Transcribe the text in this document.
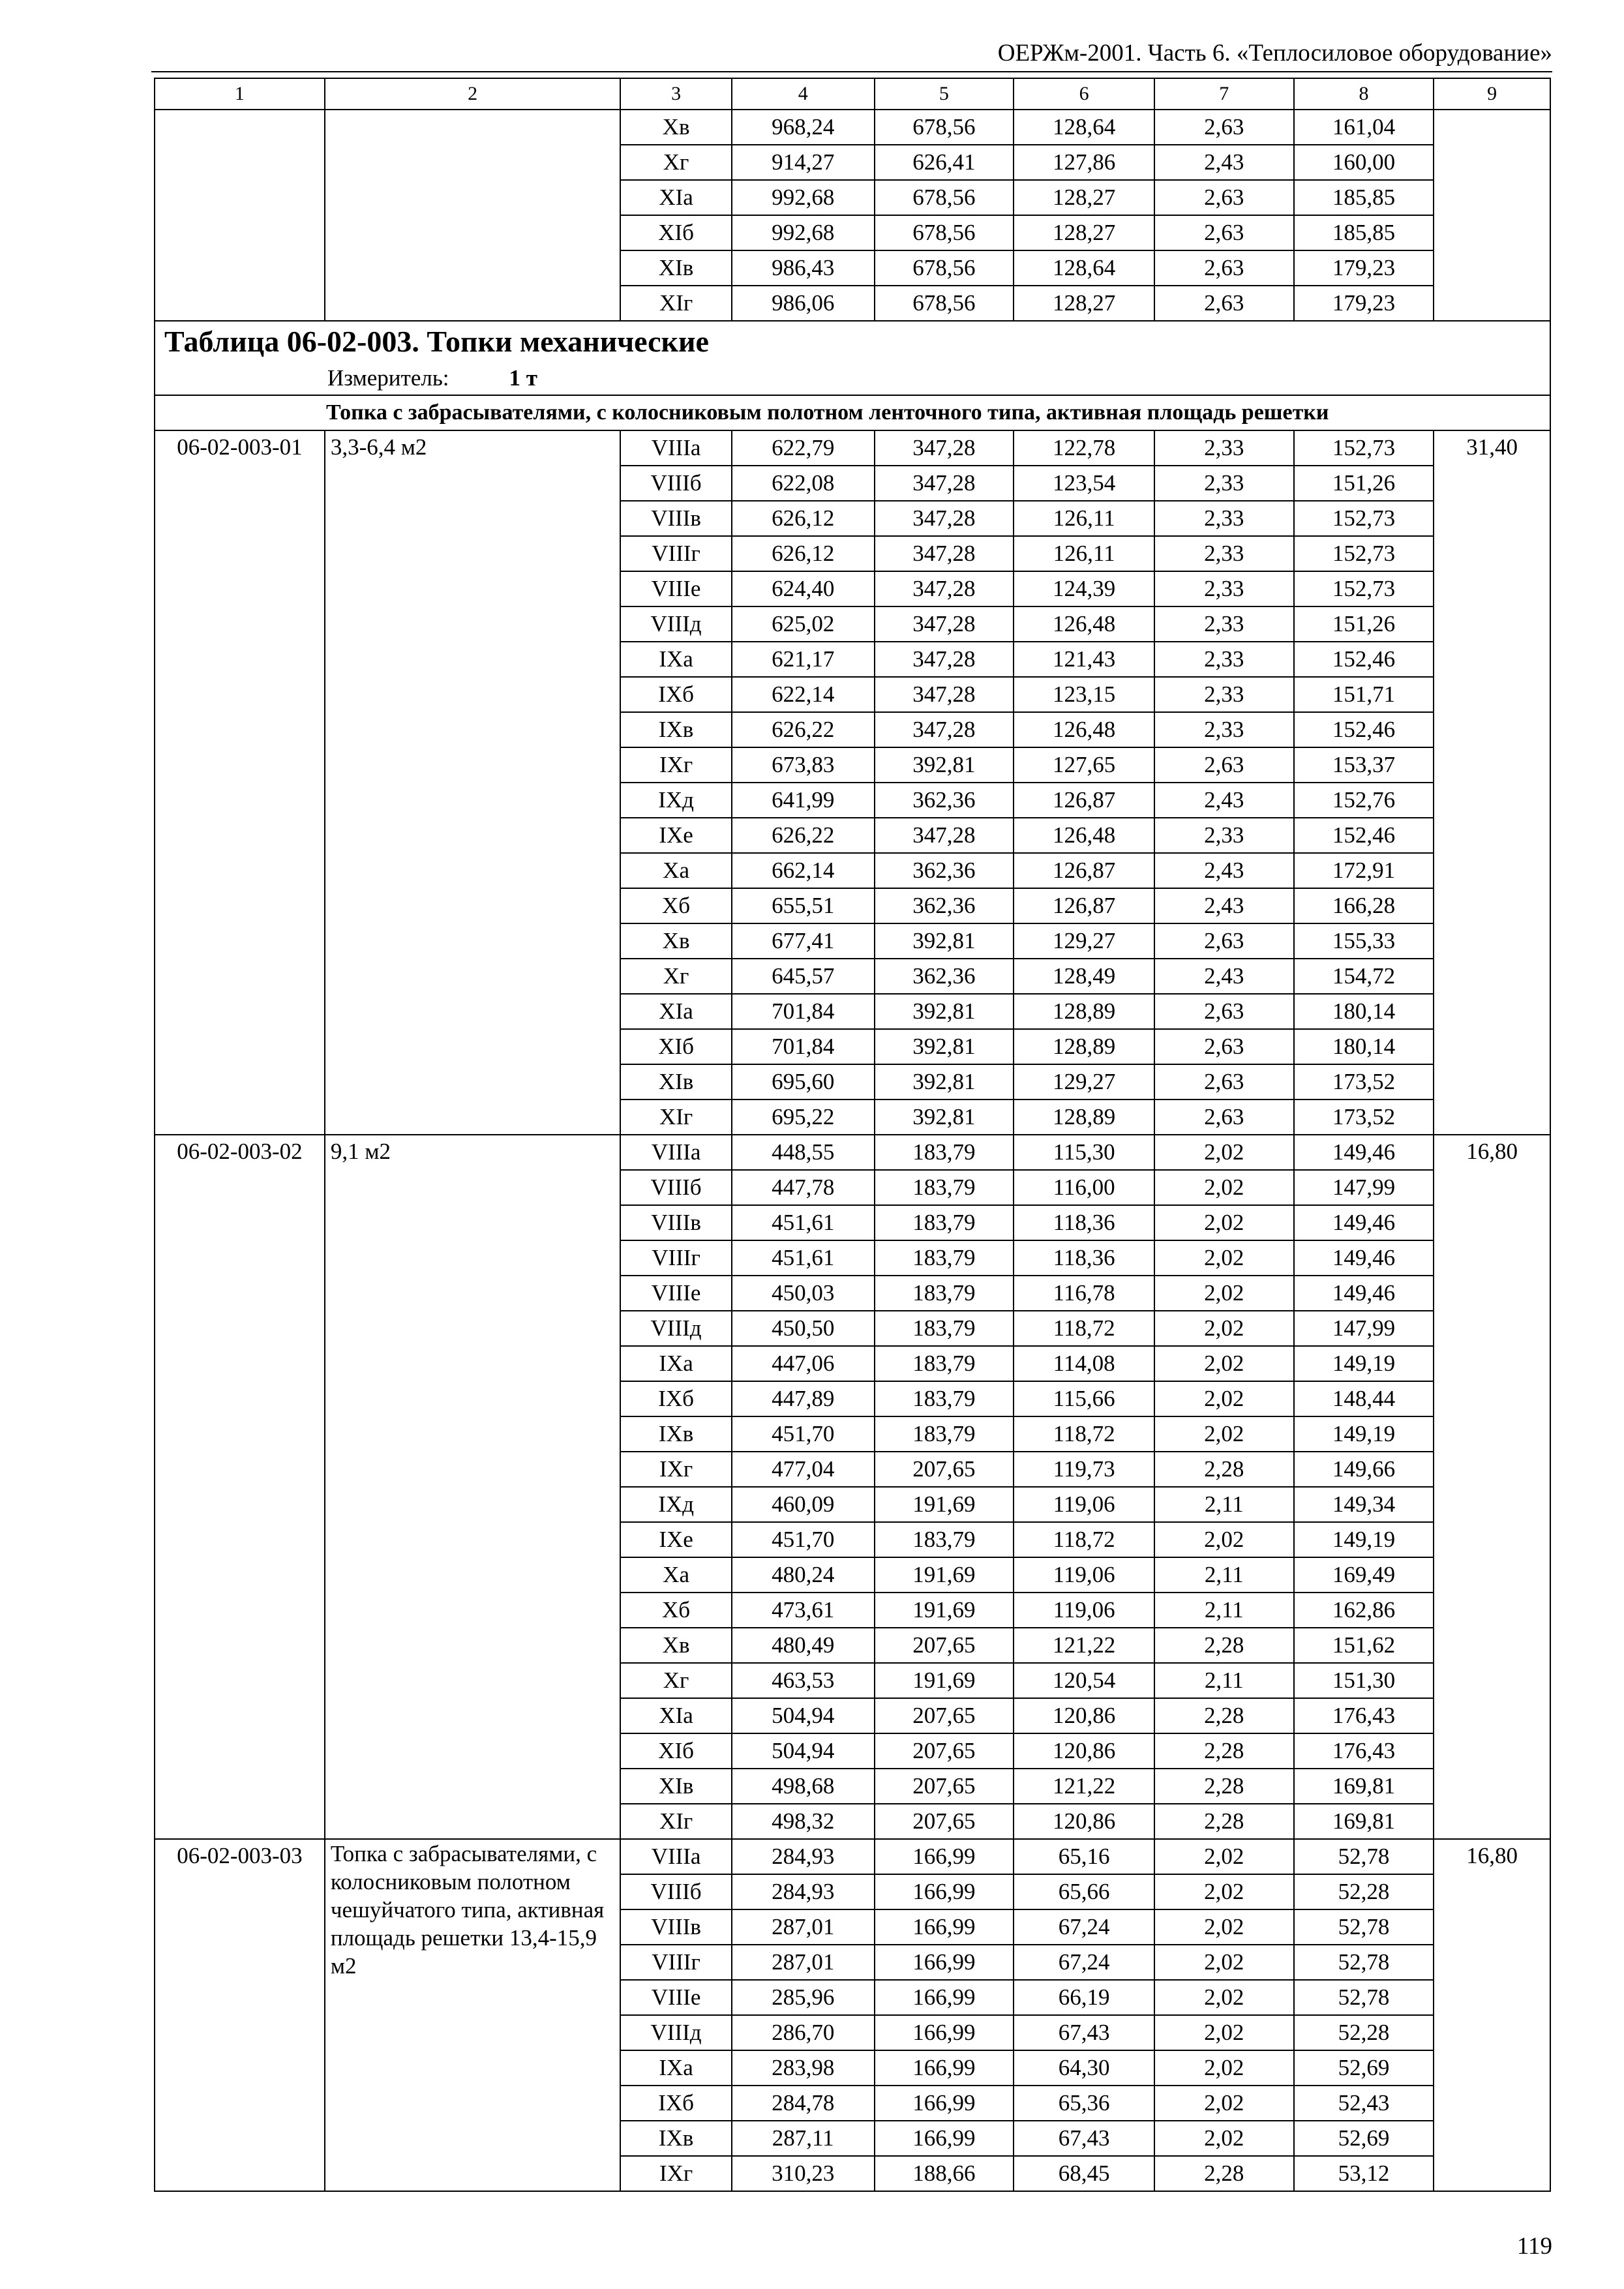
ОЕРЖм-2001. Часть 6. «Теплосиловое оборудование»
1	2	3	4	5	6	7	8	9
		Xв	968,24	678,56	128,64	2,63	161,04	
		Xг	914,27	626,41	127,86	2,43	160,00	
		XIа	992,68	678,56	128,27	2,63	185,85	
		XIб	992,68	678,56	128,27	2,63	185,85	
		XIв	986,43	678,56	128,64	2,63	179,23	
		XIг	986,06	678,56	128,27	2,63	179,23	
Таблица 06-02-003. Топки механические								
Измеритель: 1 т								
Топка с забрасывателями, с колосниковым полотном ленточного типа, активная площадь решетки								
06-02-003-01	3,3-6,4 м2	VIIIа	622,79	347,28	122,78	2,33	152,73	31,40
		VIIIб	622,08	347,28	123,54	2,33	151,26	
		VIIIв	626,12	347,28	126,11	2,33	152,73	
		VIIIг	626,12	347,28	126,11	2,33	152,73	
		VIIIе	624,40	347,28	124,39	2,33	152,73	
		VIIIд	625,02	347,28	126,48	2,33	151,26	
		IXа	621,17	347,28	121,43	2,33	152,46	
		IXб	622,14	347,28	123,15	2,33	151,71	
		IXв	626,22	347,28	126,48	2,33	152,46	
		IXг	673,83	392,81	127,65	2,63	153,37	
		IXд	641,99	362,36	126,87	2,43	152,76	
		IXе	626,22	347,28	126,48	2,33	152,46	
		Xа	662,14	362,36	126,87	2,43	172,91	
		Xб	655,51	362,36	126,87	2,43	166,28	
		Xв	677,41	392,81	129,27	2,63	155,33	
		Xг	645,57	362,36	128,49	2,43	154,72	
		XIа	701,84	392,81	128,89	2,63	180,14	
		XIб	701,84	392,81	128,89	2,63	180,14	
		XIв	695,60	392,81	129,27	2,63	173,52	
		XIг	695,22	392,81	128,89	2,63	173,52	
06-02-003-02	9,1 м2	VIIIа	448,55	183,79	115,30	2,02	149,46	16,80
		VIIIб	447,78	183,79	116,00	2,02	147,99	
		VIIIв	451,61	183,79	118,36	2,02	149,46	
		VIIIг	451,61	183,79	118,36	2,02	149,46	
		VIIIе	450,03	183,79	116,78	2,02	149,46	
		VIIIд	450,50	183,79	118,72	2,02	147,99	
		IXа	447,06	183,79	114,08	2,02	149,19	
		IXб	447,89	183,79	115,66	2,02	148,44	
		IXв	451,70	183,79	118,72	2,02	149,19	
		IXг	477,04	207,65	119,73	2,28	149,66	
		IXд	460,09	191,69	119,06	2,11	149,34	
		IXе	451,70	183,79	118,72	2,02	149,19	
		Xа	480,24	191,69	119,06	2,11	169,49	
		Xб	473,61	191,69	119,06	2,11	162,86	
		Xв	480,49	207,65	121,22	2,28	151,62	
		Xг	463,53	191,69	120,54	2,11	151,30	
		XIа	504,94	207,65	120,86	2,28	176,43	
		XIб	504,94	207,65	120,86	2,28	176,43	
		XIв	498,68	207,65	121,22	2,28	169,81	
		XIг	498,32	207,65	120,86	2,28	169,81	
06-02-003-03	Топка с забрасывателями, с колосниковым полотном чешуйчатого типа, активная площадь решетки 13,4-15,9 м2	VIIIа	284,93	166,99	65,16	2,02	52,78	16,80
		VIIIб	284,93	166,99	65,66	2,02	52,28	
		VIIIв	287,01	166,99	67,24	2,02	52,78	
		VIIIг	287,01	166,99	67,24	2,02	52,78	
		VIIIе	285,96	166,99	66,19	2,02	52,78	
		VIIIд	286,70	166,99	67,43	2,02	52,28	
		IXа	283,98	166,99	64,30	2,02	52,69	
		IXб	284,78	166,99	65,36	2,02	52,43	
		IXв	287,11	166,99	67,43	2,02	52,69	
		IXг	310,23	188,66	68,45	2,28	53,12	
119
